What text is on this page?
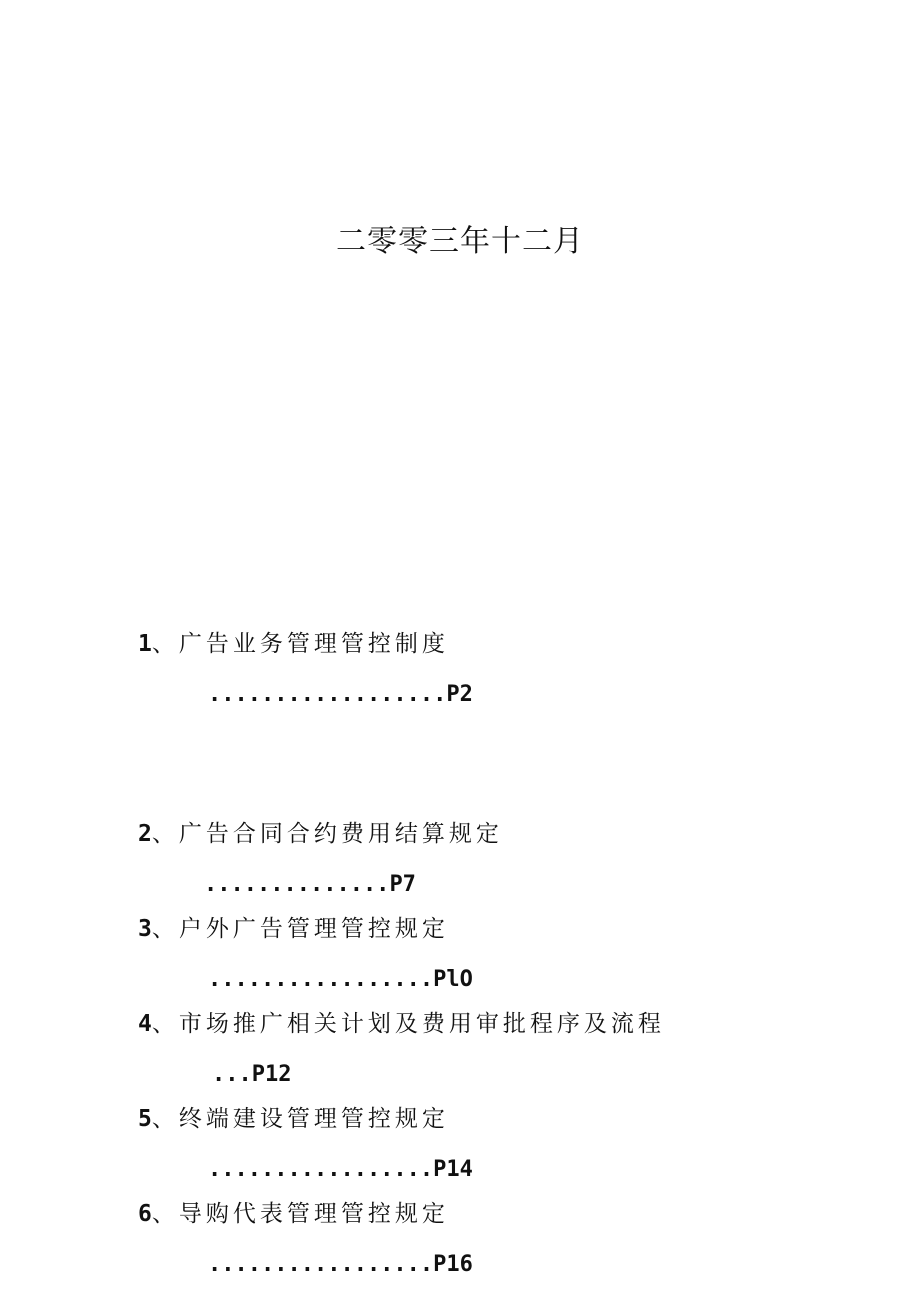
二零零三年十二月
1、广告业务管理管控制度
..................P2
2、广告合同合约费用结算规定
..............P7
3、户外广告管理管控规定
.................PlO
4、市场推广相关计划及费用审批程序及流程
...P12
5、终端建设管理管控规定
.................P14
6、导购代表管理管控规定
.................P16
